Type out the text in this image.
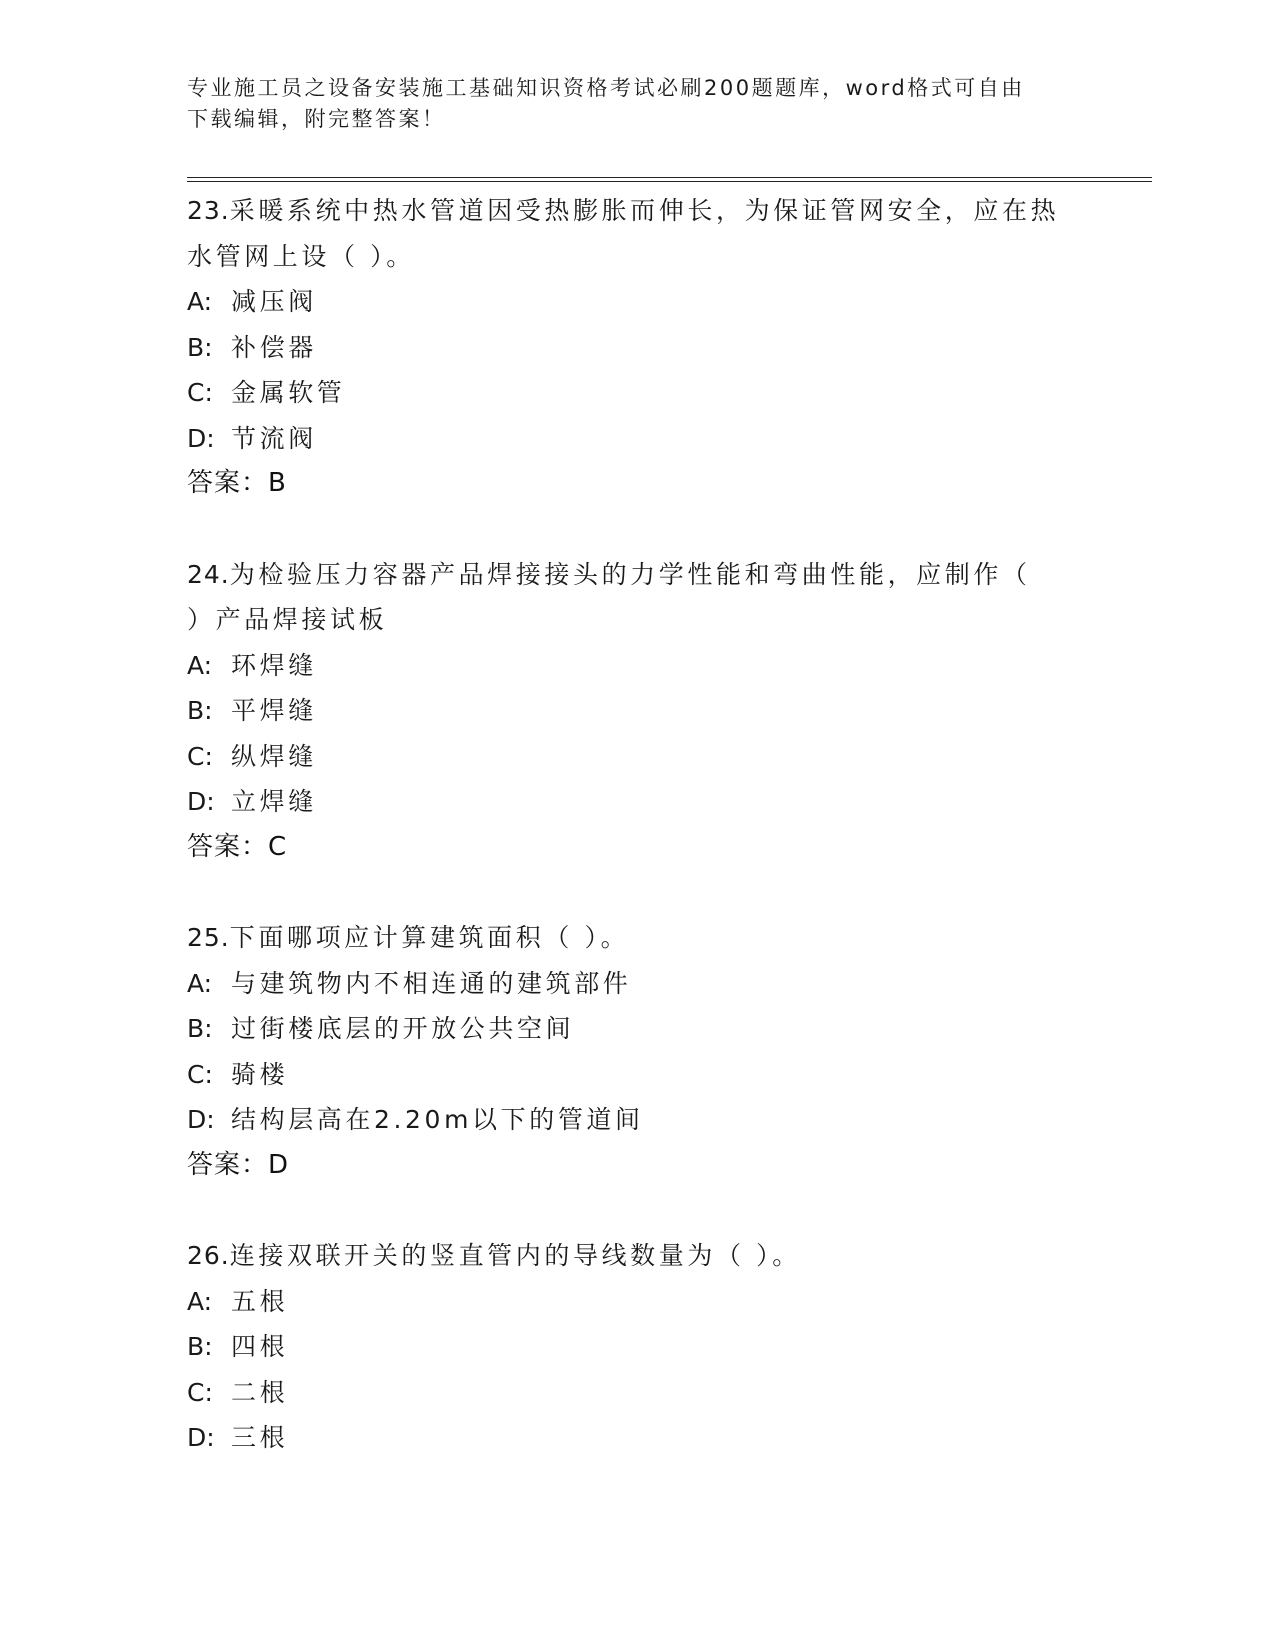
专业施工员之设备安装施工基础知识资格考试必刷200题题库，word格式可自由
下载编辑，附完整答案！
23.采暖系统中热水管道因受热膨胀而伸长，为保证管网安全，应在热
水管网上设（ ）。
A: 减压阀
B: 补偿器
C: 金属软管
D: 节流阀
答案：B
24.为检验压力容器产品焊接接头的力学性能和弯曲性能，应制作（
）产品焊接试板
A: 环焊缝
B: 平焊缝
C: 纵焊缝
D: 立焊缝
答案：C
25.下面哪项应计算建筑面积（ ）。
A: 与建筑物内不相连通的建筑部件
B: 过街楼底层的开放公共空间
C: 骑楼
D: 结构层高在2.20m以下的管道间
答案：D
26.连接双联开关的竖直管内的导线数量为（ ）。
A: 五根
B: 四根
C: 二根
D: 三根
